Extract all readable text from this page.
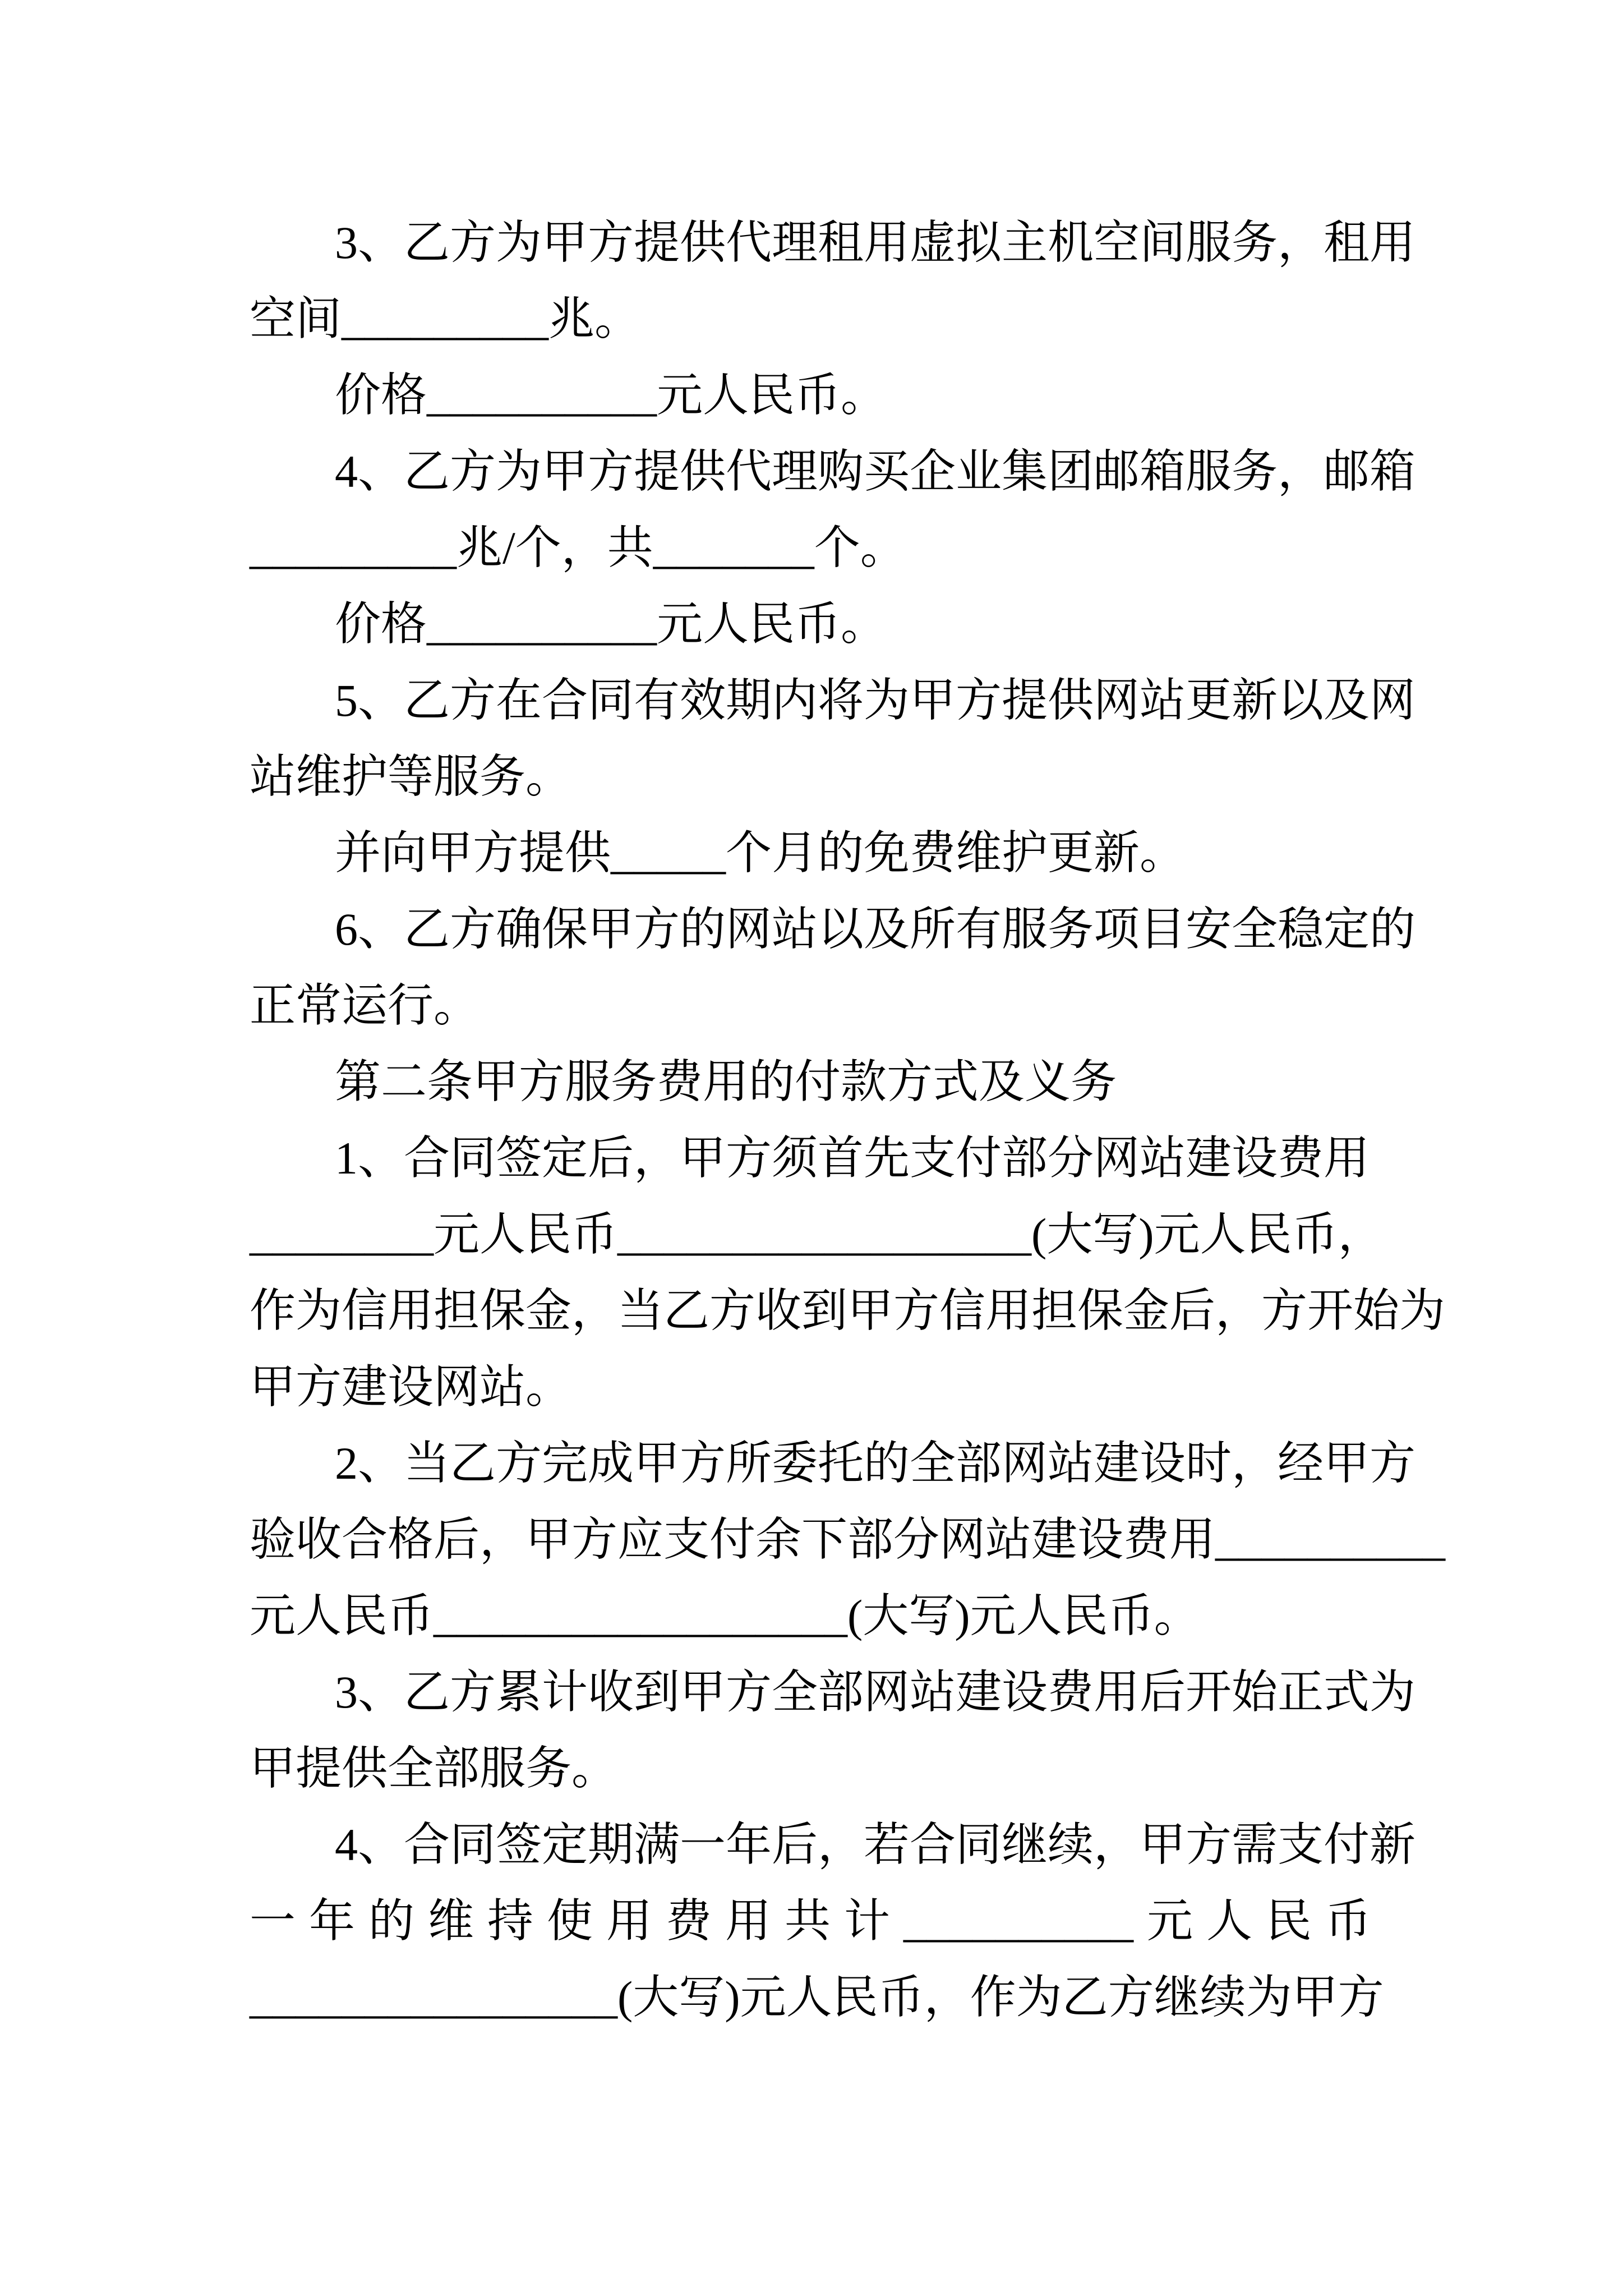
3、乙方为甲方提供代理租用虚拟主机空间服务，租用
空间_________兆。
价格__________元人民币。
4、乙方为甲方提供代理购买企业集团邮箱服务，邮箱
_________兆/个，共_______个。
价格__________元人民币。
5、乙方在合同有效期内将为甲方提供网站更新以及网
站维护等服务。
并向甲方提供_____个月的免费维护更新。
6、乙方确保甲方的网站以及所有服务项目安全稳定的
正常运行。
第二条甲方服务费用的付款方式及义务
1、合同签定后，甲方须首先支付部分网站建设费用
________元人民币__________________(大写)元人民币，
作为信用担保金，当乙方收到甲方信用担保金后，方开始为
甲方建设网站。
2、当乙方完成甲方所委托的全部网站建设时，经甲方
验收合格后，甲方应支付余下部分网站建设费用__________
元人民币__________________(大写)元人民币。
3、乙方累计收到甲方全部网站建设费用后开始正式为
甲提供全部服务。
4、合同签定期满一年后，若合同继续，甲方需支付新
一年的维持使用费用共计__________元人民币
________________(大写)元人民币，作为乙方继续为甲方
